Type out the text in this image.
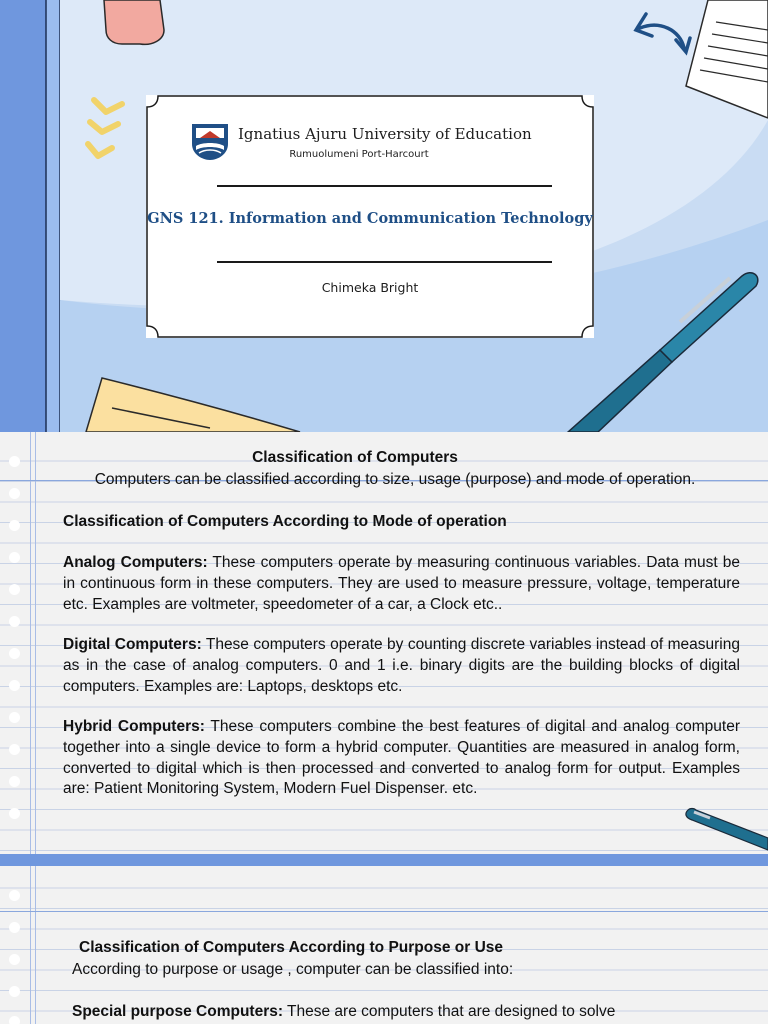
Ignatius Ajuru University of Education
Rumuolumeni Port-Harcourt
GNS 121. Information and Communication Technology
Chimeka Bright
Classification of Computers
Computers can be classified according to size, usage (purpose) and mode of operation.
Classification of Computers According to Mode of operation
Analog Computers: These computers operate by measuring continuous variables. Data must be in continuous form in these computers. They are used to measure pressure, voltage, temperature etc. Examples are voltmeter, speedometer of a car, a Clock etc..
Digital Computers: These computers operate by counting discrete variables instead of measuring as in the case of analog computers. 0 and 1 i.e. binary digits are the building blocks of digital computers. Examples are: Laptops, desktops etc.
Hybrid Computers: These computers combine the best features of digital and analog computer together into a single device to form a hybrid computer. Quantities are measured in analog form, converted to digital which is then processed and converted to analog form for output. Examples are: Patient Monitoring System, Modern Fuel Dispenser. etc.
Classification of Computers According to Purpose or Use
According to purpose or usage , computer can be classified into:
Special purpose Computers: These are computers that are designed to solve
